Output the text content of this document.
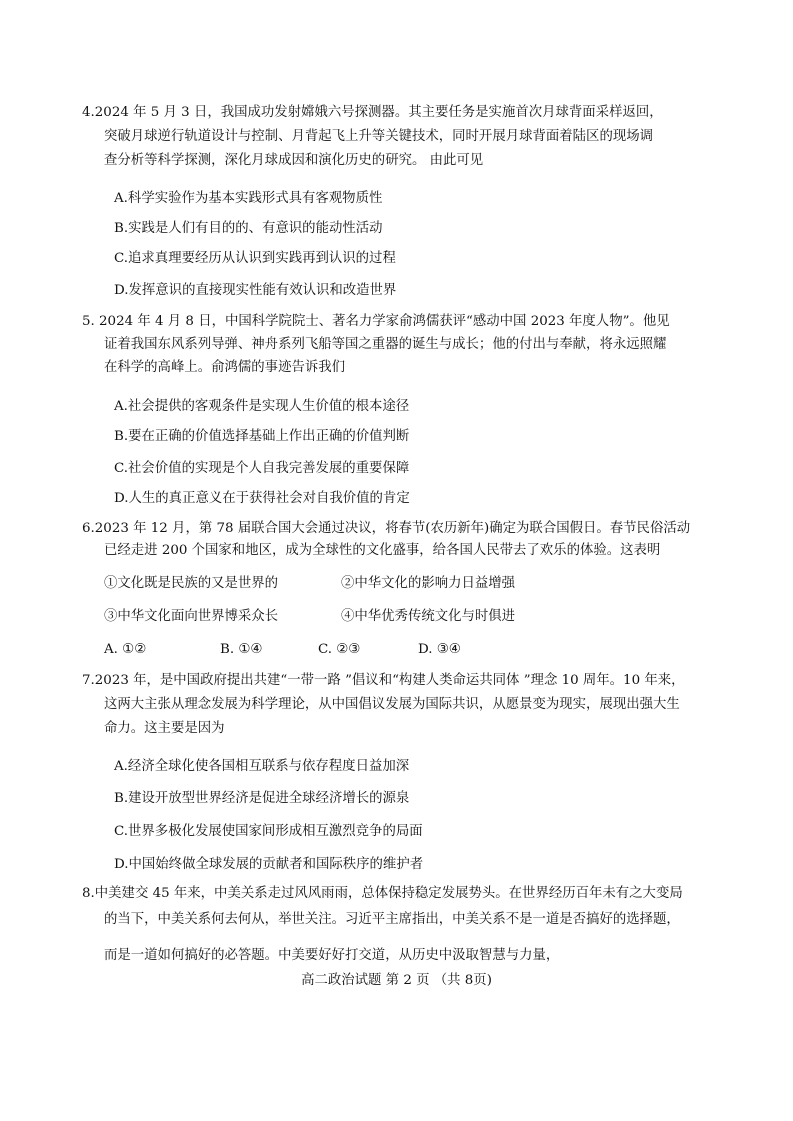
4.2024 年 5 月 3 日，我国成功发射嫦娥六号探测器。其主要任务是实施首次月球背面采样返回，
突破月球逆行轨道设计与控制、月背起飞上升等关键技术，同时开展月球背面着陆区的现场调
查分析等科学探测，深化月球成因和演化历史的研究。 由此可见
A.科学实验作为基本实践形式具有客观物质性
B.实践是人们有目的的、有意识的能动性活动
C.追求真理要经历从认识到实践再到认识的过程
D.发挥意识的直接现实性能有效认识和改造世界
5. 2024 年 4 月 8 日，中国科学院院士、著名力学家俞鸿儒获评“感动中国 2023 年度人物”。他见
证着我国东风系列导弹、神舟系列飞船等国之重器的诞生与成长；他的付出与奉献，将永远照耀
在科学的高峰上。俞鸿儒的事迹告诉我们
A.社会提供的客观条件是实现人生价值的根本途径
B.要在正确的价值选择基础上作出正确的价值判断
C.社会价值的实现是个人自我完善发展的重要保障
D.人生的真正意义在于获得社会对自我价值的肯定
6.2023 年 12 月，第 78 届联合国大会通过决议，将春节(农历新年)确定为联合国假日。春节民俗活动
已经走进 200 个国家和地区，成为全球性的文化盛事，给各国人民带去了欢乐的体验。这表明
①文化既是民族的又是世界的	②中华文化的影响力日益增强
③中华文化面向世界博采众长	④中华优秀传统文化与时俱进
A. ①②	B. ①④	C. ②③	D. ③④
7.2023 年，是中国政府提出共建“一带一路 ”倡议和“构建人类命运共同体 ”理念 10 周年。10 年来，
这两大主张从理念发展为科学理论，从中国倡议发展为国际共识，从愿景变为现实，展现出强大生
命力。这主要是因为
A.经济全球化使各国相互联系与依存程度日益加深
B.建设开放型世界经济是促进全球经济增长的源泉
C.世界多极化发展使国家间形成相互激烈竞争的局面
D.中国始终做全球发展的贡献者和国际秩序的维护者
8.中美建交 45 年来，中美关系走过风风雨雨，总体保持稳定发展势头。在世界经历百年未有之大变局
的当下，中美关系何去何从，举世关注。习近平主席指出，中美关系不是一道是否搞好的选择题，
而是一道如何搞好的必答题。中美要好好打交道，从历史中汲取智慧与力量，
高二政治试题 第 2 页 （共 8页)
